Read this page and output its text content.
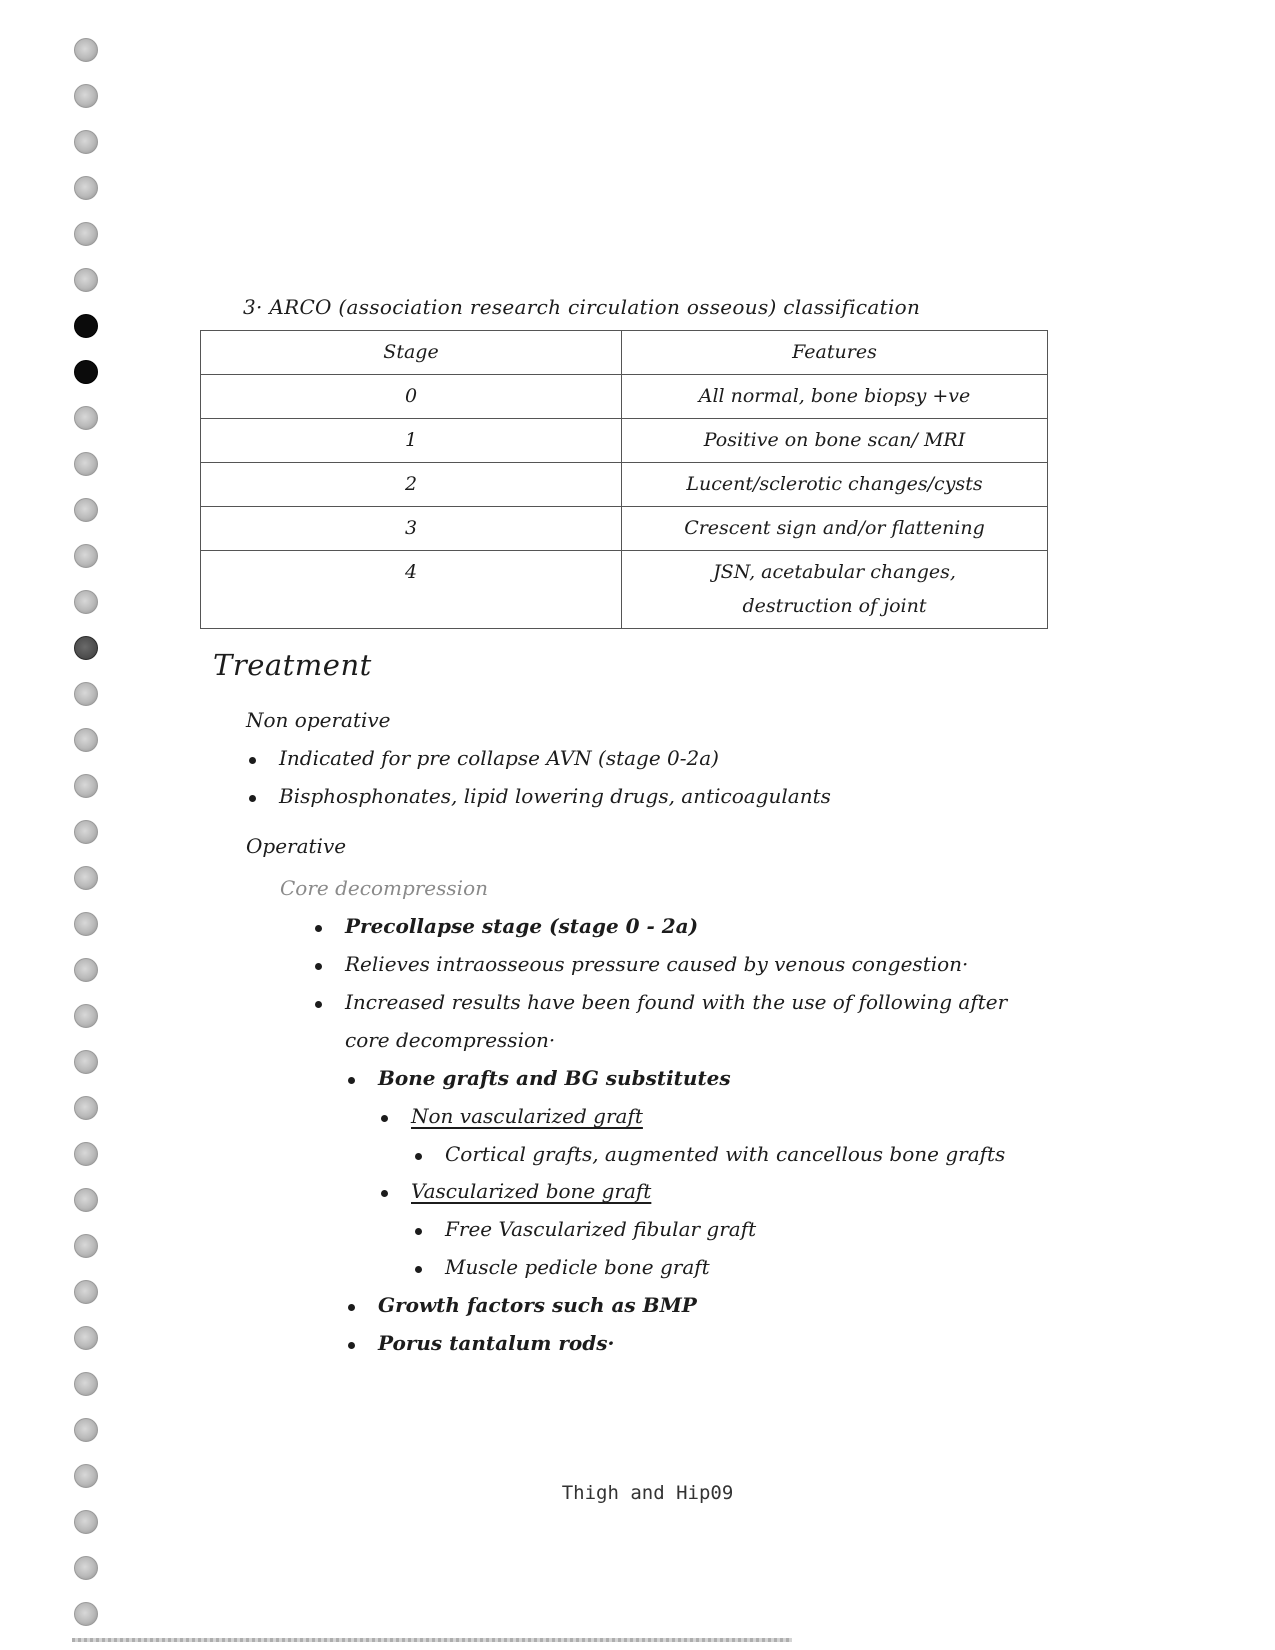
3· ARCO (association research circulation osseous) classification
Stage	Features
0	All normal, bone biopsy +ve
1	Positive on bone scan/ MRI
2	Lucent/sclerotic changes/cysts
3	Crescent sign and/or flattening
4	JSN, acetabular changes, destruction of joint
Treatment
Non operative
Indicated for pre collapse AVN (stage 0-2a)
Bisphosphonates, lipid lowering drugs, anticoagulants
Operative
Core decompression
Precollapse stage (stage 0 - 2a)
Relieves intraosseous pressure caused by venous congestion·
Increased results have been found with the use of following after
core decompression·
Bone grafts and BG substitutes
Non vascularized graft
Cortical grafts, augmented with cancellous bone grafts
Vascularized bone graft
Free Vascularized fibular graft
Muscle pedicle bone graft
Growth factors such as BMP
Porus tantalum rods·
Thigh and Hip09
